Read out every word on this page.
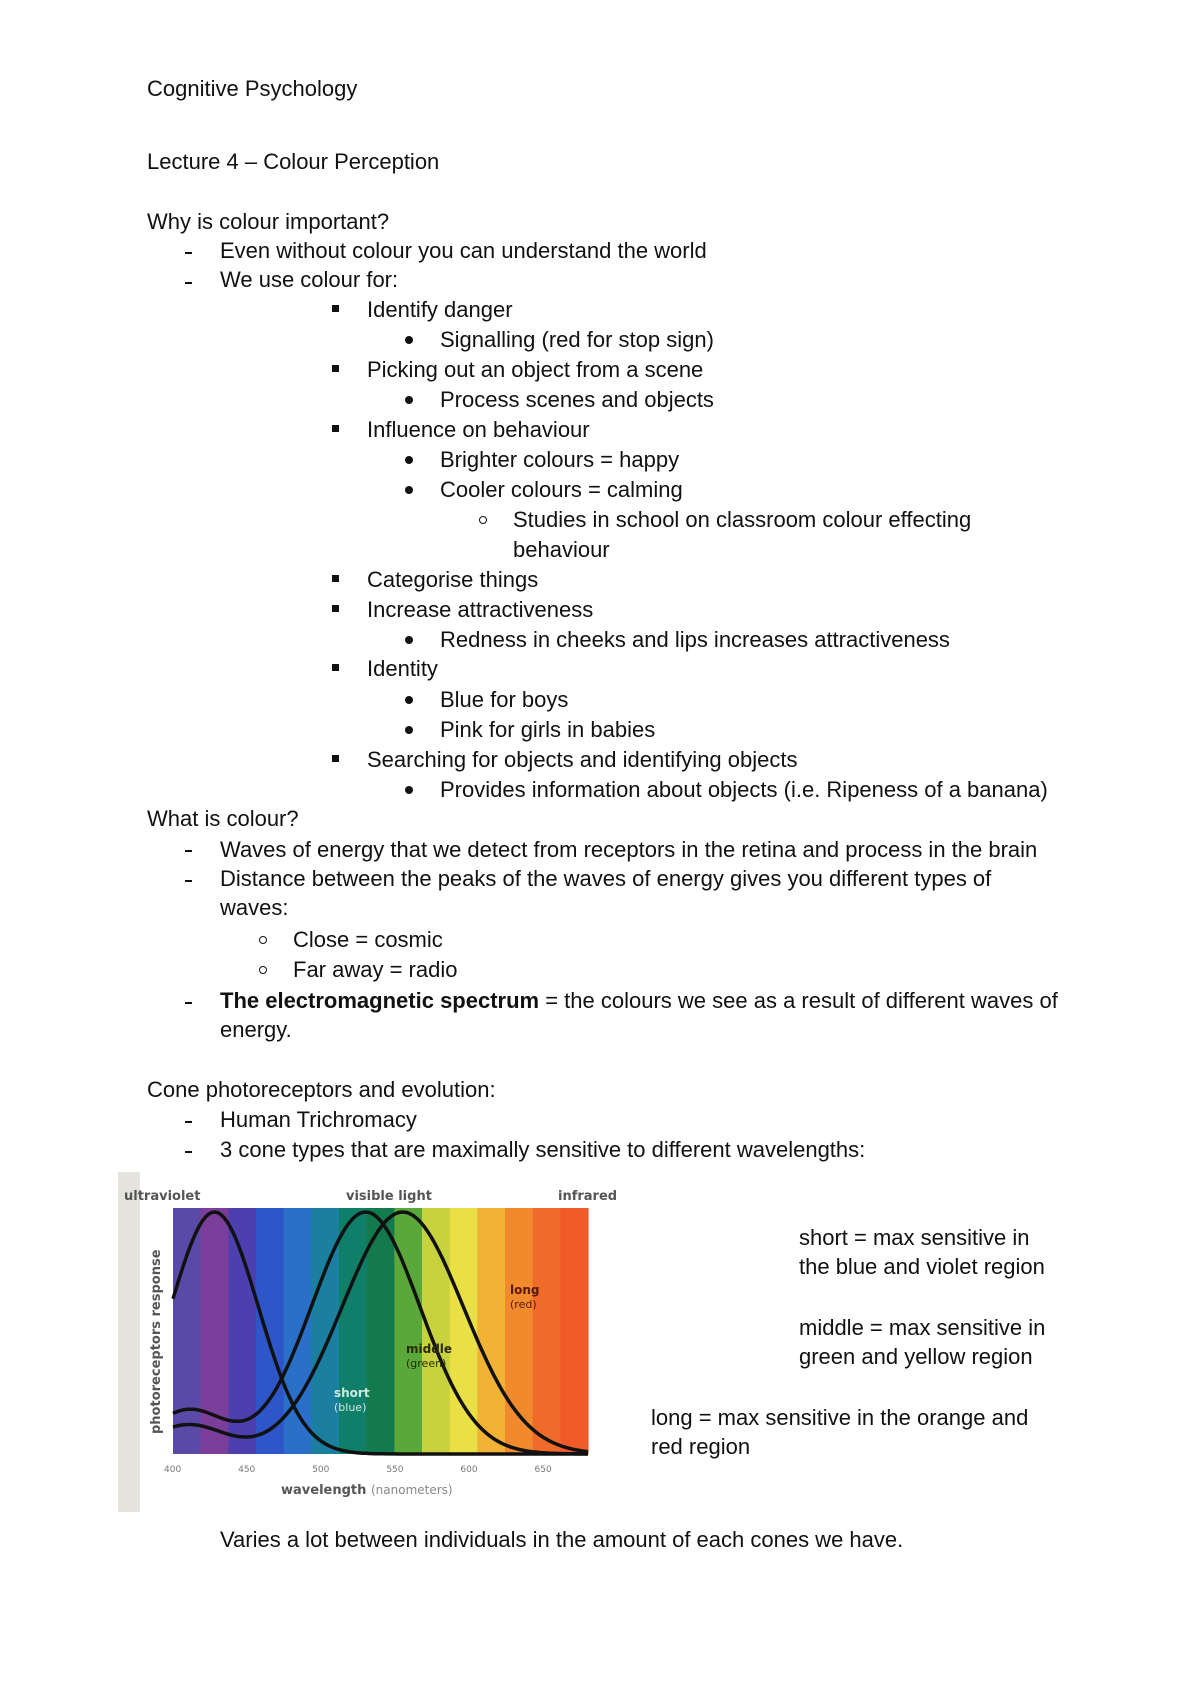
Cognitive Psychology
Lecture 4 – Colour Perception
Why is colour important?
Even without colour you can understand the world
We use colour for:
Identify danger
Signalling (red for stop sign)
Picking out an object from a scene
Process scenes and objects
Influence on behaviour
Brighter colours = happy
Cooler colours = calming
Studies in school on classroom colour effecting
behaviour
Categorise things
Increase attractiveness
Redness in cheeks and lips increases attractiveness
Identity
Blue for boys
Pink for girls in babies
Searching for objects and identifying objects
Provides information about objects (i.e. Ripeness of a banana)
What is colour?
Waves of energy that we detect from receptors in the retina and process in the brain
Distance between the peaks of the waves of energy gives you different types of
waves:
Close = cosmic
Far away = radio
The electromagnetic spectrum = the colours we see as a result of different waves of
energy.
Cone photoreceptors and evolution:
Human Trichromacy
3 cone types that are maximally sensitive to different wavelengths:
400	450	500	550	600	650
ultraviolet	visible light	infrared
photoreceptors response
wavelength (nanometers)
long
(red)
middle
(green)
short
(blue)
short = max sensitive in
the blue and violet region
middle = max sensitive in
green and yellow region
long = max sensitive in the orange and
red region
Varies a lot between individuals in the amount of each cones we have.
